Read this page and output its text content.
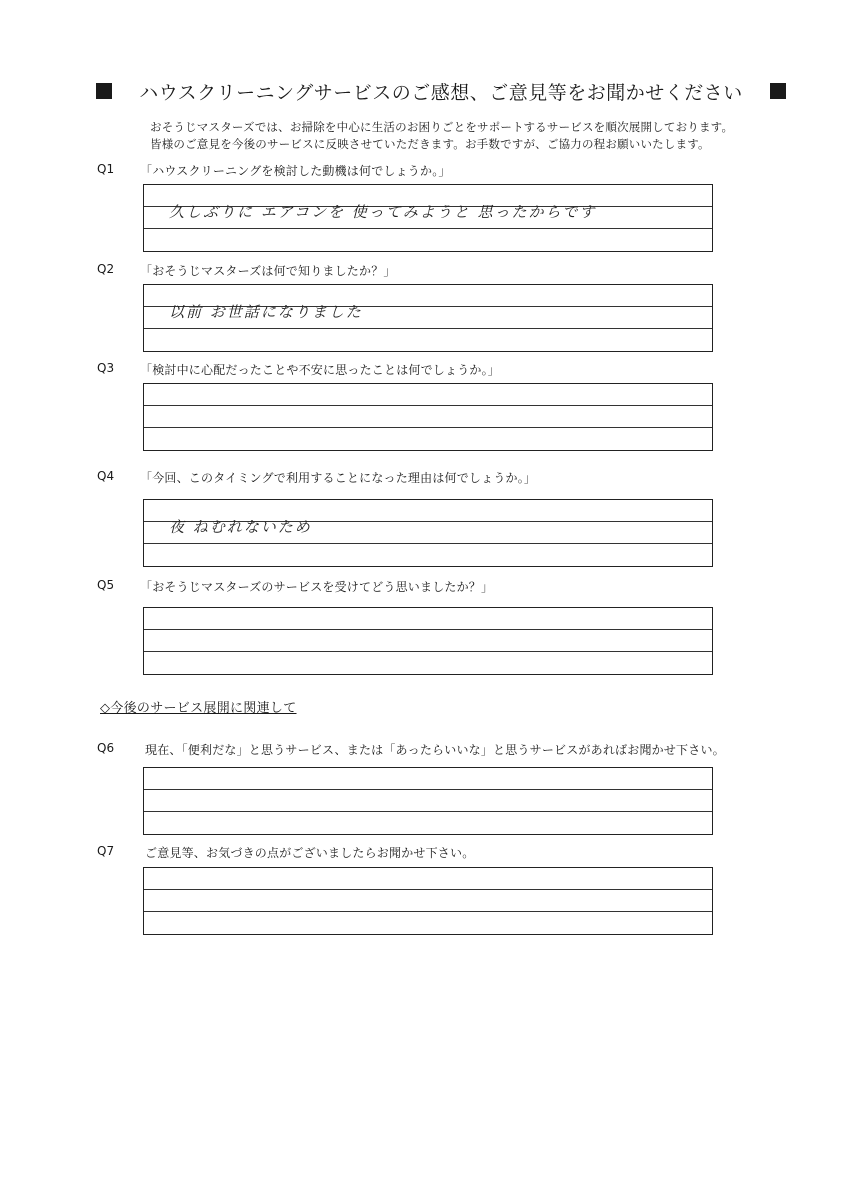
ハウスクリーニングサービスのご感想、ご意見等をお聞かせください
おそうじマスターズでは、お掃除を中心に生活のお困りごとをサポートするサービスを順次展開しております。
皆様のご意見を今後のサービスに反映させていただきます。お手数ですが、ご協力の程お願いいたします。
Q1 「ハウスクリーニングを検討した動機は何でしょうか。」
久しぶりに エアコンを 使ってみようと 思ったからです
Q2 「おそうじマスターズは何で知りましたか？」
以前 お世話になりました
Q3 「検討中に心配だったことや不安に思ったことは何でしょうか。」
Q4 「今回、このタイミングで利用することになった理由は何でしょうか。」
夜 ねむれないため
Q5 「おそうじマスターズのサービスを受けてどう思いましたか？」
◇今後のサービス展開に関連して
Q6	現在、「便利だな」と思うサービス、または「あったらいいな」と思うサービスがあればお聞かせ下さい。
Q7	ご意見等、お気づきの点がございましたらお聞かせ下さい。
